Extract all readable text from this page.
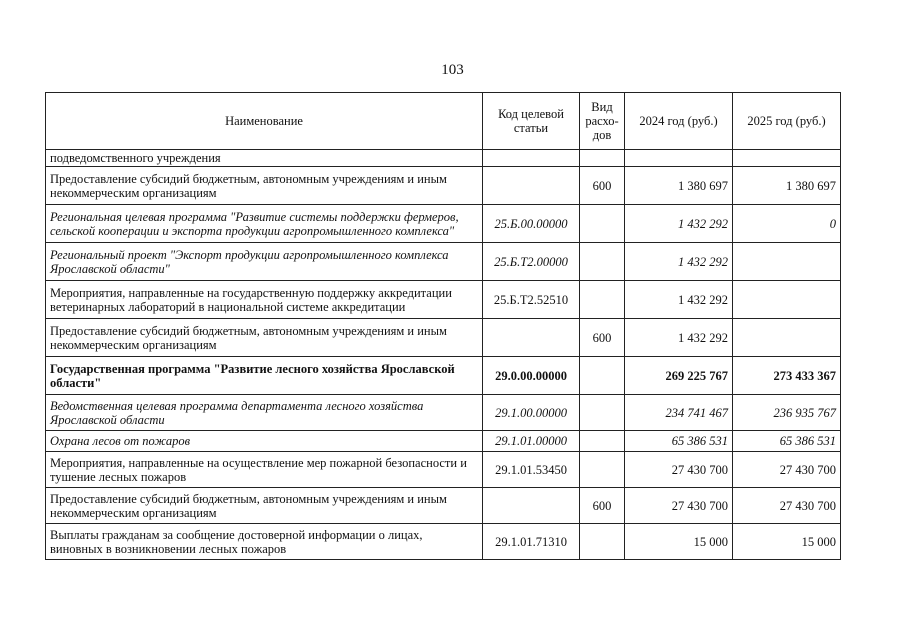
103
Наименование	Код целевой статьи	Вид расхо-дов	2024 год (руб.)	2025 год (руб.)
подведомственного учреждения				
Предоставление субсидий бюджетным, автономным учреждениям и иным некоммерческим организациям		600	1 380 697	1 380 697
Региональная целевая программа "Развитие системы поддержки фермеров, сельской кооперации и экспорта продукции агропромышленного комплекса"	25.Б.00.00000		1 432 292	0
Региональный проект "Экспорт продукции агропромышленного комплекса Ярославской области"	25.Б.Т2.00000		1 432 292	
Мероприятия, направленные на государственную поддержку аккредитации ветеринарных лабораторий в национальной системе аккредитации	25.Б.Т2.52510		1 432 292	
Предоставление субсидий бюджетным, автономным учреждениям и иным некоммерческим организациям		600	1 432 292	
Государственная программа "Развитие лесного хозяйства Ярославской области"	29.0.00.00000		269 225 767	273 433 367
Ведомственная целевая программа департамента лесного хозяйства Ярославской области	29.1.00.00000		234 741 467	236 935 767
Охрана лесов от пожаров	29.1.01.00000		65 386 531	65 386 531
Мероприятия, направленные на осуществление мер пожарной безопасности и тушение лесных пожаров	29.1.01.53450		27 430 700	27 430 700
Предоставление субсидий бюджетным, автономным учреждениям и иным некоммерческим организациям		600	27 430 700	27 430 700
Выплаты гражданам за сообщение достоверной информации о лицах, виновных в возникновении лесных пожаров	29.1.01.71310		15 000	15 000
